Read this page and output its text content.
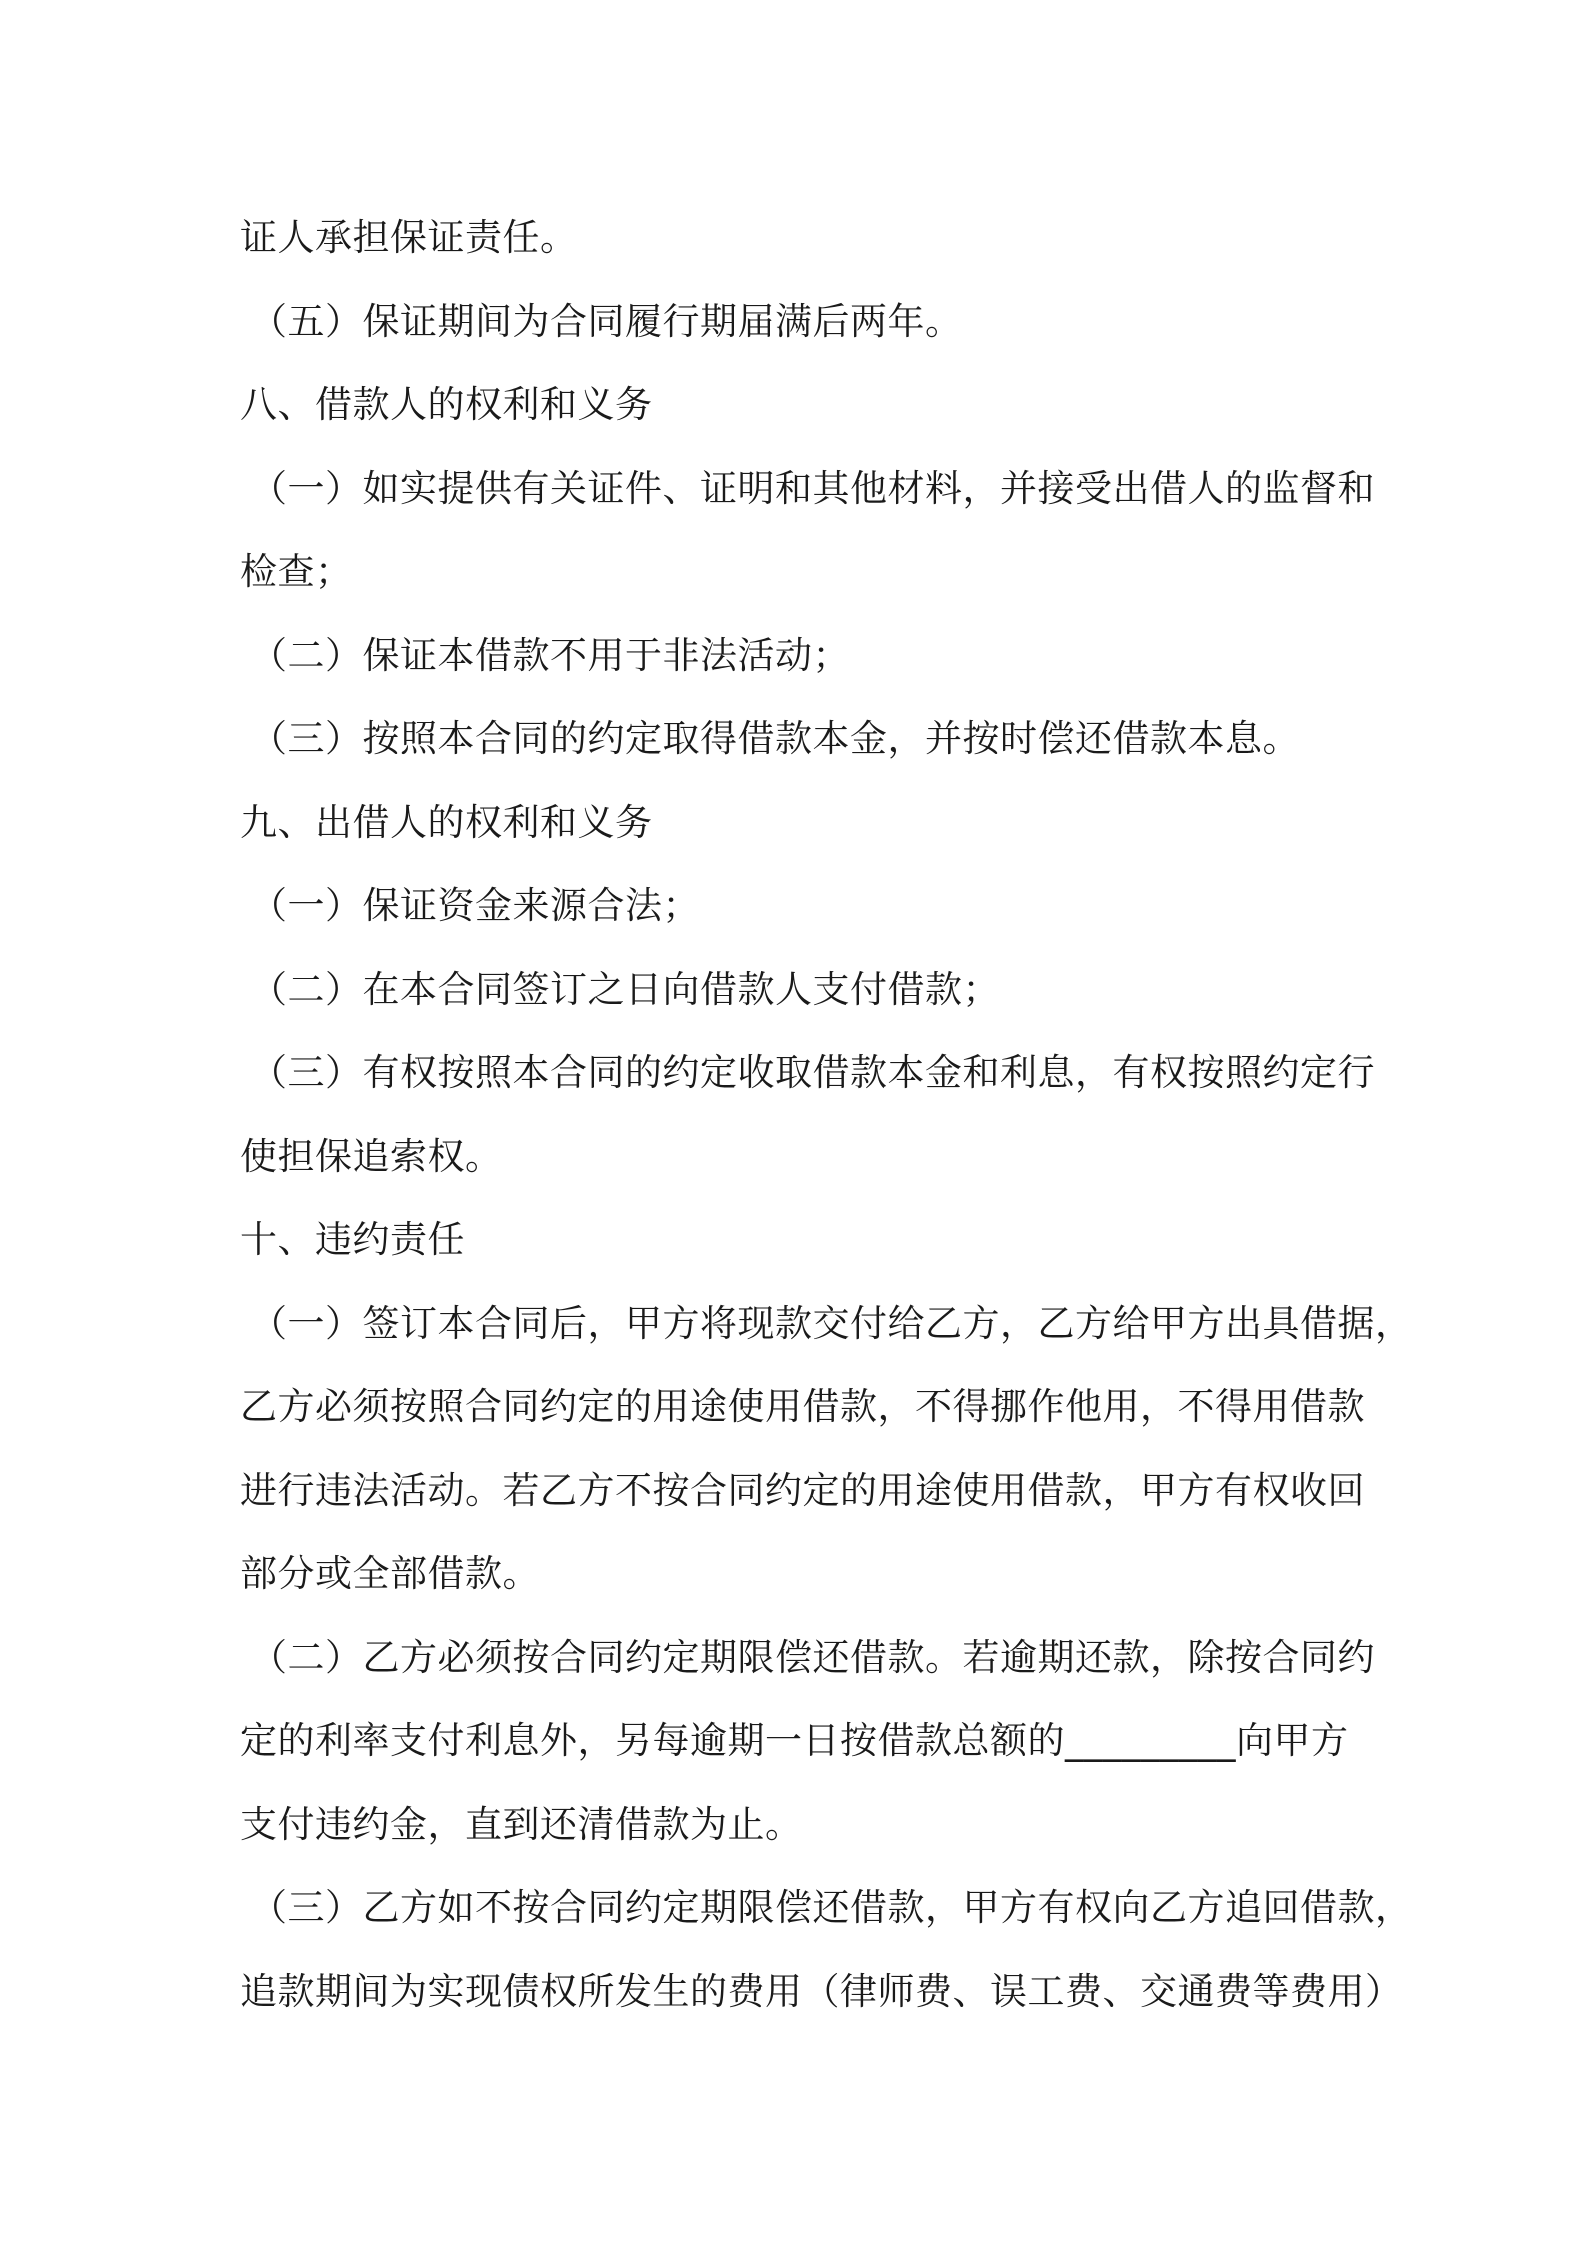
证人承担保证责任。
（五）保证期间为合同履行期届满后两年。
八、借款人的权利和义务
（一）如实提供有关证件、证明和其他材料，并接受出借人的监督和
检查；
（二）保证本借款不用于非法活动；
（三）按照本合同的约定取得借款本金，并按时偿还借款本息。
九、出借人的权利和义务
（一）保证资金来源合法；
（二）在本合同签订之日向借款人支付借款；
（三）有权按照本合同的约定收取借款本金和利息，有权按照约定行
使担保追索权。
十、违约责任
（一）签订本合同后，甲方将现款交付给乙方，乙方给甲方出具借据，
乙方必须按照合同约定的用途使用借款，不得挪作他用，不得用借款
进行违法活动。若乙方不按合同约定的用途使用借款，甲方有权收回
部分或全部借款。
（二）乙方必须按合同约定期限偿还借款。若逾期还款，除按合同约
定的利率支付利息外，另每逾期一日按借款总额的_________向甲方
支付违约金，直到还清借款为止。
（三）乙方如不按合同约定期限偿还借款，甲方有权向乙方追回借款，
追款期间为实现债权所发生的费用（律师费、误工费、交通费等费用）
